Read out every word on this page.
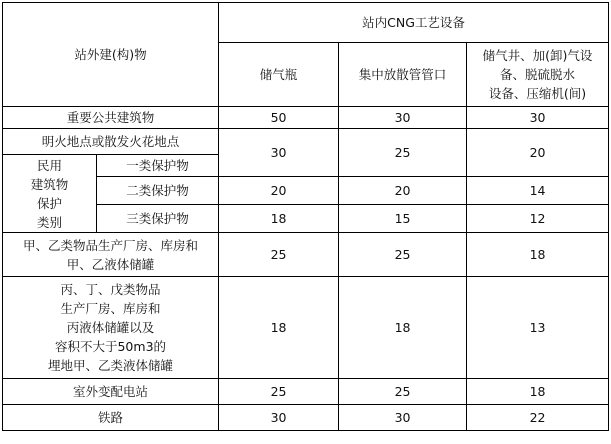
站外建(构)物		站内CNG工艺设备		
		储气瓶	集中放散管管口	储气井、加(卸)气设
备、脱硫脱水
设备、压缩机(间)
重要公共建筑物		50	30	30
明火地点或散发火花地点		30	25	20
民用
建筑物
保护
类别	一类保护物			
	二类保护物	20	20	14
	三类保护物	18	15	12
甲、乙类物品生产厂房、库房和
甲、乙液体储罐		25	25	18
丙、丁、戊类物品
生产厂房、库房和
丙液体储罐以及
容积不大于50m3的
埋地甲、乙类液体储罐		18	18	13
室外变配电站		25	25	18
铁路		30	30	22
